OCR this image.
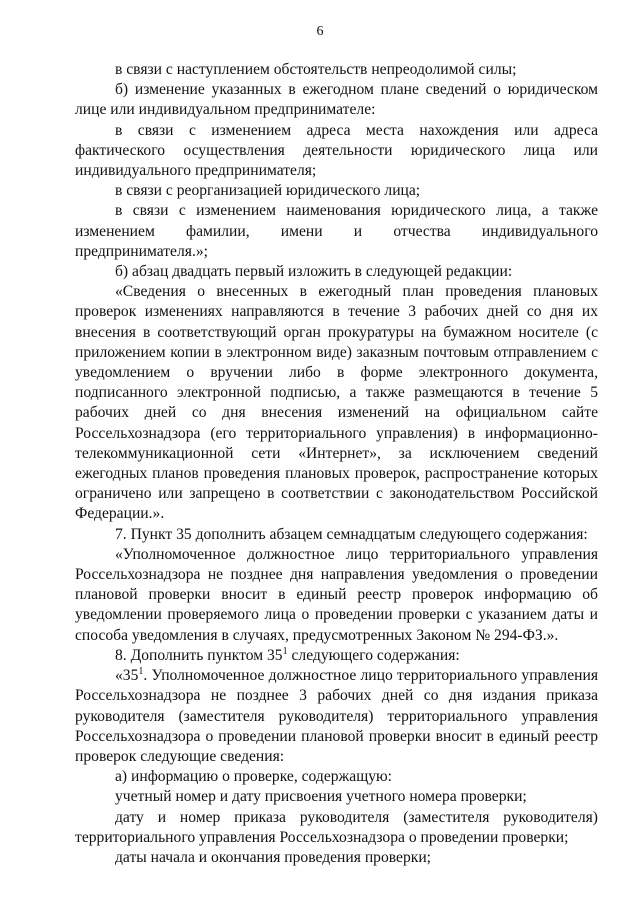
6

в связи с наступлением обстоятельств непреодолимой силы;

б) изменение указанных в ежегодном плане сведений о юридическом лице или индивидуальном предпринимателе:

в связи с изменением адреса места нахождения или адреса фактического осуществления деятельности юридического лица или индивидуального предпринимателя;

в связи с реорганизацией юридического лица;

в связи с изменением наименования юридического лица, а также изменением фамилии, имени и отчества индивидуального предпринимателя.»;

б) абзац двадцать первый изложить в следующей редакции:

«Сведения о внесенных в ежегодный план проведения плановых проверок изменениях направляются в течение 3 рабочих дней со дня их внесения в соответствующий орган прокуратуры на бумажном носителе (с приложением копии в электронном виде) заказным почтовым отправлением с уведомлением о вручении либо в форме электронного документа, подписанного электронной подписью, а также размещаются в течение 5 рабочих дней со дня внесения изменений на официальном сайте Россельхознадзора (его территориального управления) в информационно-телекоммуникационной сети «Интернет», за исключением сведений ежегодных планов проведения плановых проверок, распространение которых ограничено или запрещено в соответствии с законодательством Российской Федерации.».

7. Пункт 35 дополнить абзацем семнадцатым следующего содержания:

«Уполномоченное должностное лицо территориального управления Россельхознадзора не позднее дня направления уведомления о проведении плановой проверки вносит в единый реестр проверок информацию об уведомлении проверяемого лица о проведении проверки с указанием даты и способа уведомления в случаях, предусмотренных Законом № 294-ФЗ.».

8. Дополнить пунктом $35^1$ следующего содержания:

«$35^1$. Уполномоченное должностное лицо территориального управления Россельхознадзора не позднее 3 рабочих дней со дня издания приказа руководителя (заместителя руководителя) территориального управления Россельхознадзора о проведении плановой проверки вносит в единый реестр проверок следующие сведения:

a) информацию о проверке, содержащую:

учетный номер и дату присвоения учетного номера проверки;

дату и номер приказа руководителя (заместителя руководителя) территориального управления Россельхознадзора о проведении проверки;

даты начала и окончания проведения проверки;
